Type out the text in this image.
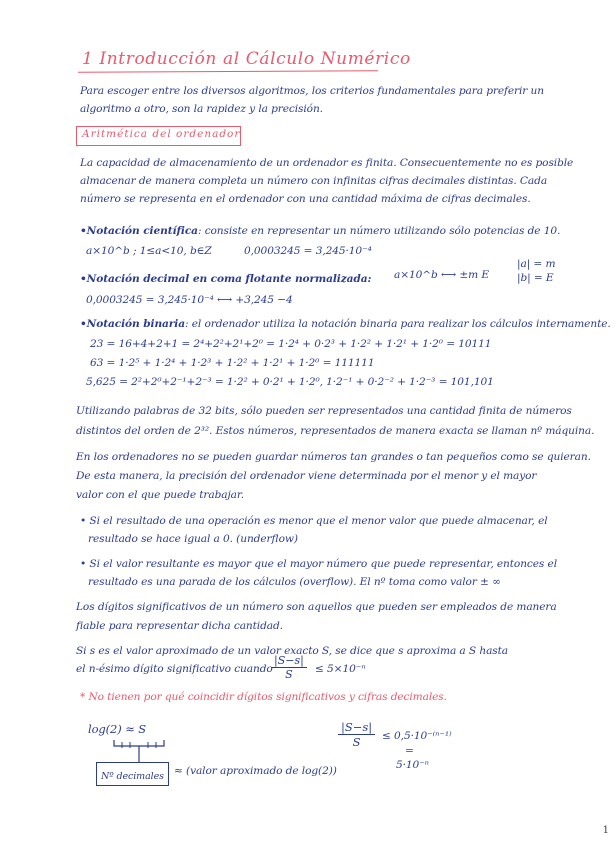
1 Introducción al Cálculo Numérico
Para escoger entre los diversos algoritmos, los criterios fundamentales para preferir un
algoritmo a otro, son la rapidez y la precisión.
Aritmética del ordenador
La capacidad de almacenamiento de un ordenador es finita. Consecuentemente no es posible
almacenar de manera completa un número con infinitas cifras decimales distintas. Cada
número se representa en el ordenador con una cantidad máxima de cifras decimales.
•Notación científica: consiste en representar un número utilizando sólo potencias de 10.
a×10^b ; 1≤a<10, b∈Z	0,0003245 = 3,245·10⁻⁴
•Notación decimal en coma flotante normalizada: a×10^b ⟷ ±m E
|a| = m
|b| = E
0,0003245 = 3,245·10⁻⁴ ⟷ +3,245 −4
•Notación binaria: el ordenador utiliza la notación binaria para realizar los cálculos internamente.
23 = 16+4+2+1 = 2⁴+2²+2¹+2⁰ = 1·2⁴ + 0·2³ + 1·2² + 1·2¹ + 1·2⁰ = 10111
63 = 1·2⁵ + 1·2⁴ + 1·2³ + 1·2² + 1·2¹ + 1·2⁰ = 111111
5,625 = 2²+2⁰+2⁻¹+2⁻³ = 1·2² + 0·2¹ + 1·2⁰, 1·2⁻¹ + 0·2⁻² + 1·2⁻³ = 101,101
Utilizando palabras de 32 bits, sólo pueden ser representados una cantidad finita de números
distintos del orden de 2³². Estos números, representados de manera exacta se llaman nº máquina.
En los ordenadores no se pueden guardar números tan grandes o tan pequeños como se quieran.
De esta manera, la precisión del ordenador viene determinada por el menor y el mayor
valor con el que puede trabajar.
• Si el resultado de una operación es menor que el menor valor que puede almacenar, el
resultado se hace igual a 0. (underflow)
• Si el valor resultante es mayor que el mayor número que puede representar, entonces el
resultado es una parada de los cálculos (overflow). El nº toma como valor ± ∞
Los dígitos significativos de un número son aquellos que pueden ser empleados de manera
fiable para representar dicha cantidad.
Si s es el valor aproximado de un valor exacto S, se dice que s aproxima a S hasta
el n-ésimo dígito significativo cuando
$\frac{|S-s|}{S} \le 5\times 10^{-n}$
* No tienen por qué coincidir dígitos significativos y cifras decimales.
log(2) ≈ S
Nº decimales ≈ (valor aproximado de log(2))
$\frac{|S-s|}{S} \le 0,5\cdot 10^{-(n-1)}$
=
5·10⁻ⁿ
1
